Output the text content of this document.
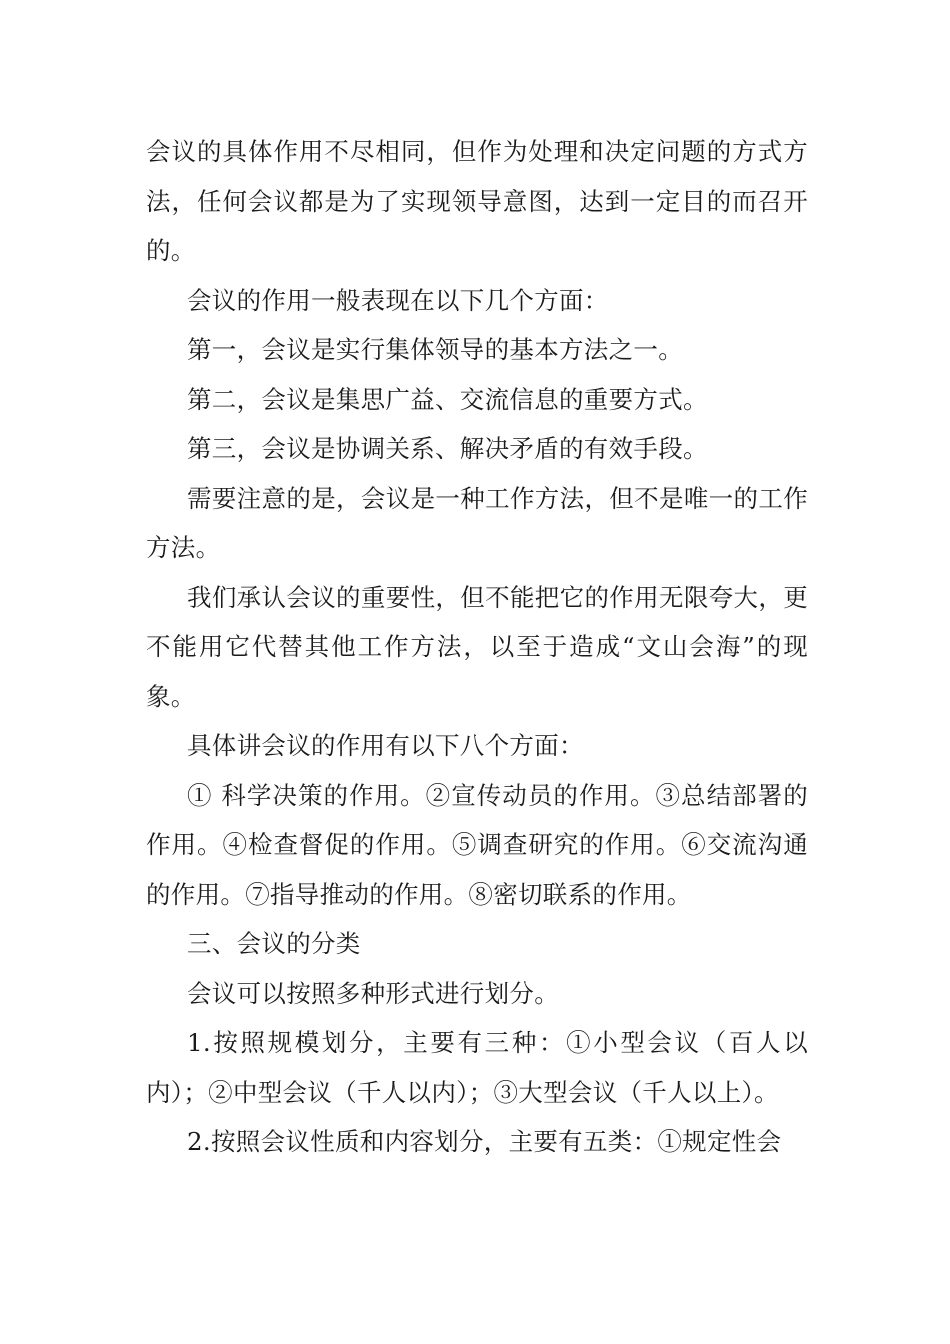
会议的具体作用不尽相同，但作为处理和决定问题的方式方法，任何会议都是为了实现领导意图，达到一定目的而召开的。

会议的作用一般表现在以下几个方面：

第一，会议是实行集体领导的基本方法之一。

第二，会议是集思广益、交流信息的重要方式。

第三，会议是协调关系、解决矛盾的有效手段。

需要注意的是，会议是一种工作方法，但不是唯一的工作方法。

我们承认会议的重要性，但不能把它的作用无限夸大，更不能用它代替其他工作方法，以至于造成“文山会海”的现象。

具体讲会议的作用有以下八个方面：

① 科学决策的作用。②宣传动员的作用。③总结部署的作用。④检查督促的作用。⑤调查研究的作用。⑥交流沟通的作用。⑦指导推动的作用。⑧密切联系的作用。

三、会议的分类

会议可以按照多种形式进行划分。

1.按照规模划分，主要有三种：①小型会议（百人以内）；②中型会议（千人以内）；③大型会议（千人以上）。

2.按照会议性质和内容划分，主要有五类：①规定性会
